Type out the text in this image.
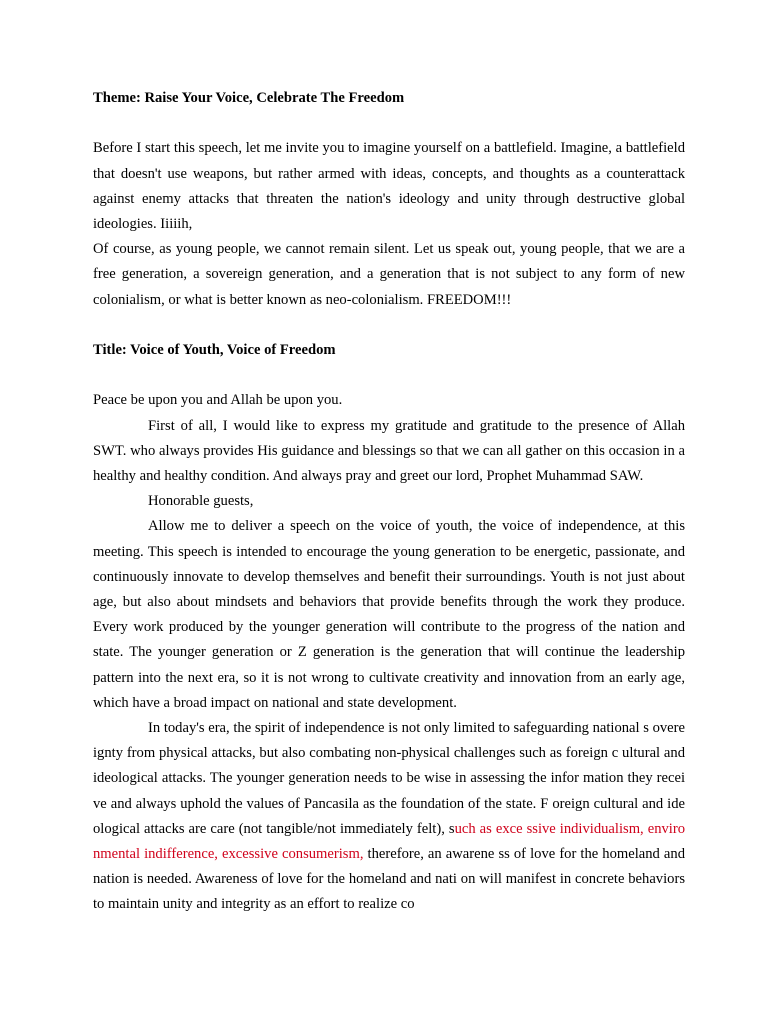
Theme: Raise Your Voice, Celebrate The Freedom

Before I start this speech, let me invite you to imagine yourself on a battlefield. Imagine, a battlefield that doesn't use weapons, but rather armed with ideas, concepts, and thoughts as a counterattack against enemy attacks that threaten the nation's ideology and unity through destructive global ideologies. Iiiiih,

Of course, as young people, we cannot remain silent. Let us speak out, young people, that we are a free generation, a sovereign generation, and a generation that is not subject to any form of new colonialism, or what is better known as neo-colonialism. FREEDOM!!!

Title: Voice of Youth, Voice of Freedom

Peace be upon you and Allah be upon you.

First of all, I would like to express my gratitude and gratitude to the presence of Allah SWT. who always provides His guidance and blessings so that we can all gather on this occasion in a healthy and healthy condition. And always pray and greet our lord, Prophet Muhammad SAW.

Honorable guests,

Allow me to deliver a speech on the voice of youth, the voice of independence, at this meeting. This speech is intended to encourage the young generation to be energetic, passionate, and continuously innovate to develop themselves and benefit their surroundings. Youth is not just about age, but also about mindsets and behaviors that provide benefits through the work they produce. Every work produced by the younger generation will contribute to the progress of the nation and state. The younger generation or Z generation is the generation that will continue the leadership pattern into the next era, so it is not wrong to cultivate creativity and innovation from an early age, which have a broad impact on national and state development.

In today's era, the spirit of independence is not only limited to safeguarding national s overeignty from physical attacks, but also combating non-physical challenges such as foreign c ultural and ideological attacks. The younger generation needs to be wise in assessing the infor mation they receive and always uphold the values of Pancasila as the foundation of the state. F oreign cultural and ideological attacks are care (not tangible/not immediately felt), such as exce ssive individualism, environmental indifference, excessive consumerism, therefore, an awarene ss of love for the homeland and nation is needed. Awareness of love for the homeland and nati on will manifest in concrete behaviors to maintain unity and integrity as an effort to realize co
